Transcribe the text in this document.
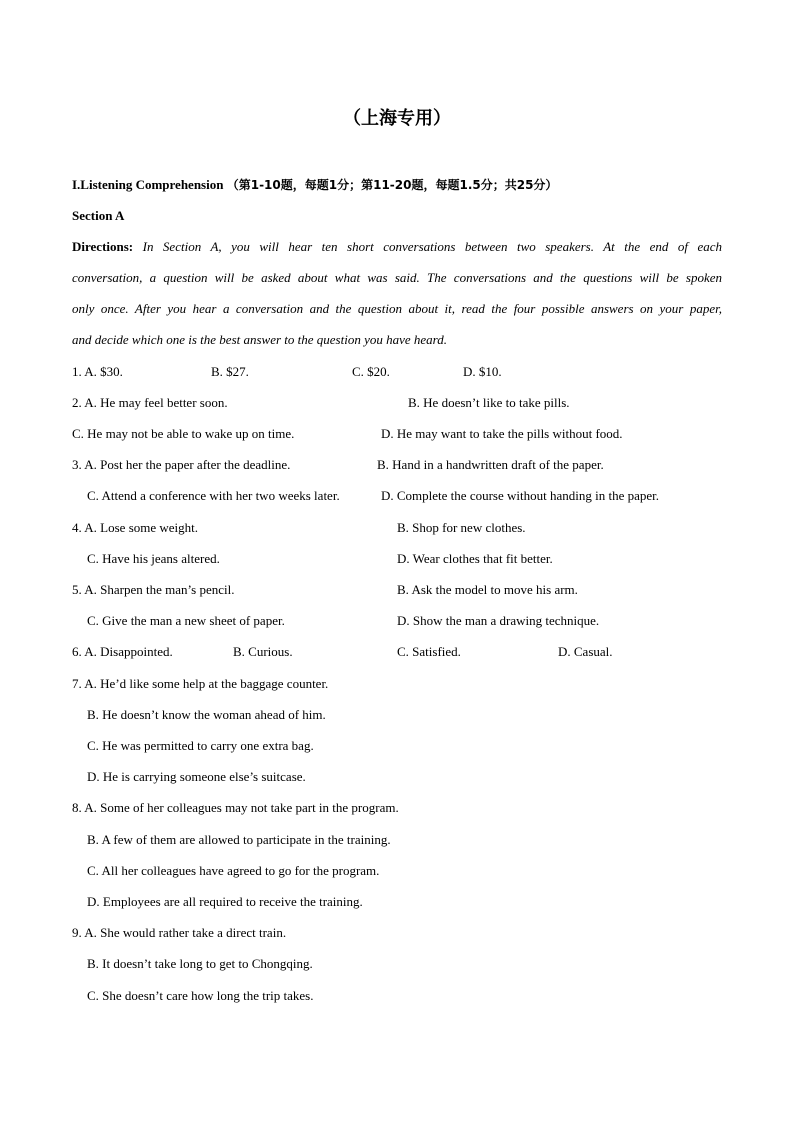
（上海专用）
I.Listening Comprehension （第1-10题，每题1分；第11-20题，每题1.5分；共25分）
Section A
Directions: In Section A, you will hear ten short conversations between two speakers. At the end of each
conversation, a question will be asked about what was said. The conversations and the questions will be spoken
only once. After you hear a conversation and the question about it, read the four possible answers on your paper,
and decide which one is the best answer to the question you have heard.
1. A. $30.	B. $27.	C. $20.	D. $10.
2. A. He may feel better soon.	B. He doesn’t like to take pills.
C. He may not be able to wake up on time.	D. He may want to take the pills without food.
3. A. Post her the paper after the deadline.	B. Hand in a handwritten draft of the paper.
C. Attend a conference with her two weeks later.	D. Complete the course without handing in the paper.
4. A. Lose some weight.	B. Shop for new clothes.
C. Have his jeans altered.	D. Wear clothes that fit better.
5. A. Sharpen the man’s pencil.	B. Ask the model to move his arm.
C. Give the man a new sheet of paper.	D. Show the man a drawing technique.
6. A. Disappointed.	B. Curious.	C. Satisfied.	D. Casual.
7. A. He’d like some help at the baggage counter.
B. He doesn’t know the woman ahead of him.
C. He was permitted to carry one extra bag.
D. He is carrying someone else’s suitcase.
8. A. Some of her colleagues may not take part in the program.
B. A few of them are allowed to participate in the training.
C. All her colleagues have agreed to go for the program.
D. Employees are all required to receive the training.
9. A. She would rather take a direct train.
B. It doesn’t take long to get to Chongqing.
C. She doesn’t care how long the trip takes.
